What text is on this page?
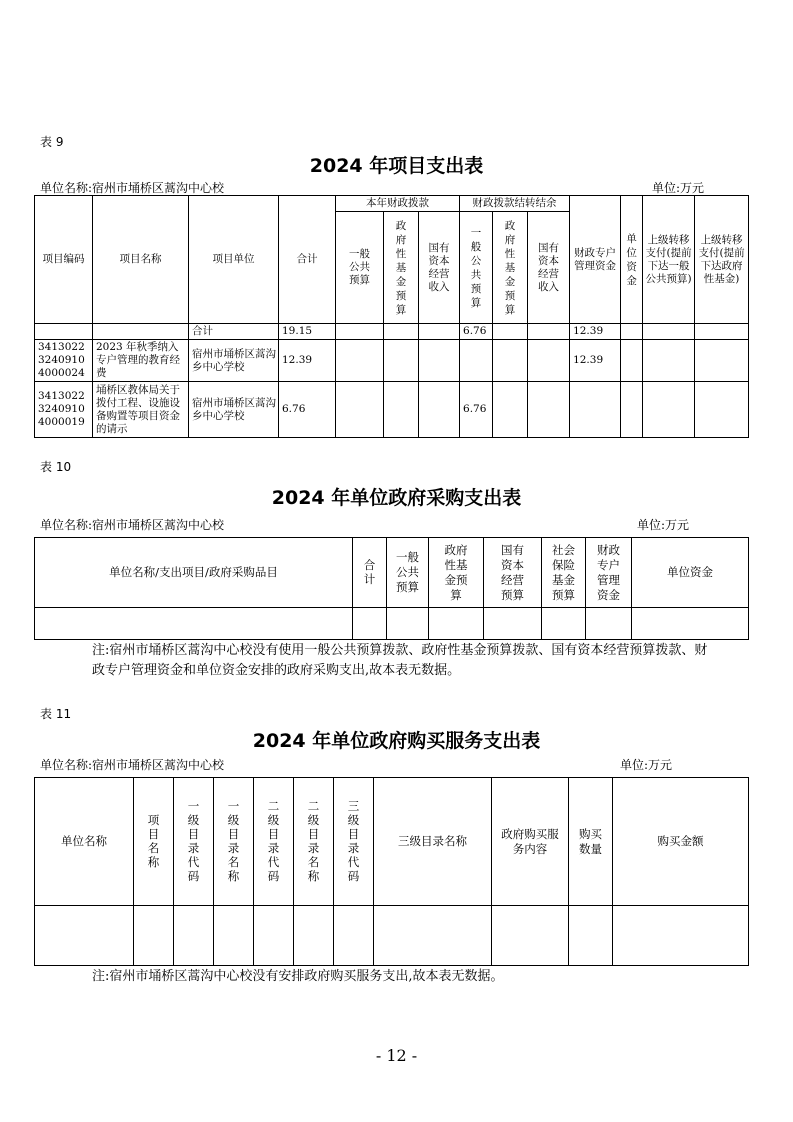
表 9
2024 年项目支出表
单位名称:宿州市埇桥区蒿沟中心校	单位:万元
项目编码	项目名称	项目单位	合计	本年财政拨款			财政拨款结转结余			财政专户管理资金	单位资金	上级转移支付(提前下达一般公共预算)	上级转移支付(提前下达政府性基金)
				一般公共预算	政府性基金预算	国有资本经营收入	一般公共预算	政府性基金预算	国有资本经营收入				
		合计	19.15				6.76			12.39			
341302232409104000024	2023 年秋季纳入专户管理的教育经费	宿州市埇桥区蒿沟乡中心学校	12.39							12.39			
341302232409104000019	埇桥区教体局关于拨付工程、设施设备购置等项目资金的请示	宿州市埇桥区蒿沟乡中心学校	6.76				6.76						
表 10
2024 年单位政府采购支出表
单位名称:宿州市埇桥区蒿沟中心校	单位:万元
单位名称/支出项目/政府采购品目	合计	一般公共预算	政府性基金预算	国有资本经营预算	社会保险基金预算	财政专户管理资金	单位资金

注:宿州市埇桥区蒿沟中心校没有使用一般公共预算拨款、政府性基金预算拨款、国有资本经营预算拨款、财政专户管理资金和单位资金安排的政府采购支出,故本表无数据。
表 11
2024 年单位政府购买服务支出表
单位名称:宿州市埇桥区蒿沟中心校	单位:万元
单位名称	项目名称	一级目录代码	一级目录名称	二级目录代码	二级目录名称	三级目录代码	三级目录名称	政府购买服务内容	购买数量	购买金额

注:宿州市埇桥区蒿沟中心校没有安排政府购买服务支出,故本表无数据。
- 12 -
